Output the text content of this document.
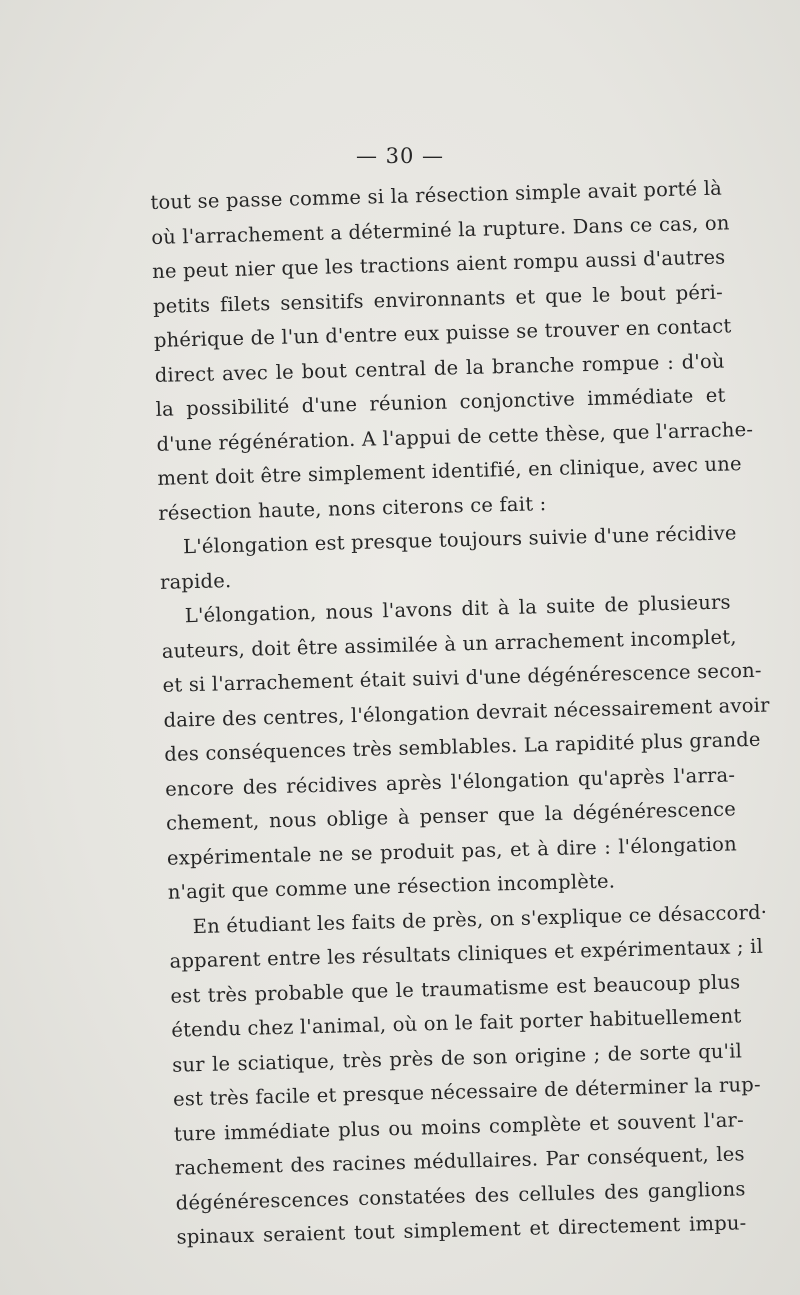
— 30 —
tout se passe comme si la résection simple avait porté là
où l'arrachement a déterminé la rupture. Dans ce cas, on
ne peut nier que les tractions aient rompu aussi d'autres
petits filets sensitifs environnants et que le bout péri-
phérique de l'un d'entre eux puisse se trouver en contact
direct avec le bout central de la branche rompue : d'où
la possibilité d'une réunion conjonctive immédiate et
d'une régénération. A l'appui de cette thèse, que l'arrache-
ment doit être simplement identifié, en clinique, avec une
résection haute, nons citerons ce fait :
L'élongation est presque toujours suivie d'une récidive
rapide.
L'élongation, nous l'avons dit à la suite de plusieurs
auteurs, doit être assimilée à un arrachement incomplet,
et si l'arrachement était suivi d'une dégénérescence secon-
daire des centres, l'élongation devrait nécessairement avoir
des conséquences très semblables. La rapidité plus grande
encore des récidives après l'élongation qu'après l'arra-
chement, nous oblige à penser que la dégénérescence
expérimentale ne se produit pas, et à dire : l'élongation
n'agit que comme une résection incomplète.
En étudiant les faits de près, on s'explique ce désaccord·
apparent entre les résultats cliniques et expérimentaux ; il
est très probable que le traumatisme est beaucoup plus
étendu chez l'animal, où on le fait porter habituellement
sur le sciatique, très près de son origine ; de sorte qu'il
est très facile et presque nécessaire de déterminer la rup-
ture immédiate plus ou moins complète et souvent l'ar-
rachement des racines médullaires. Par conséquent, les
dégénérescences constatées des cellules des ganglions
spinaux seraient tout simplement et directement impu-
